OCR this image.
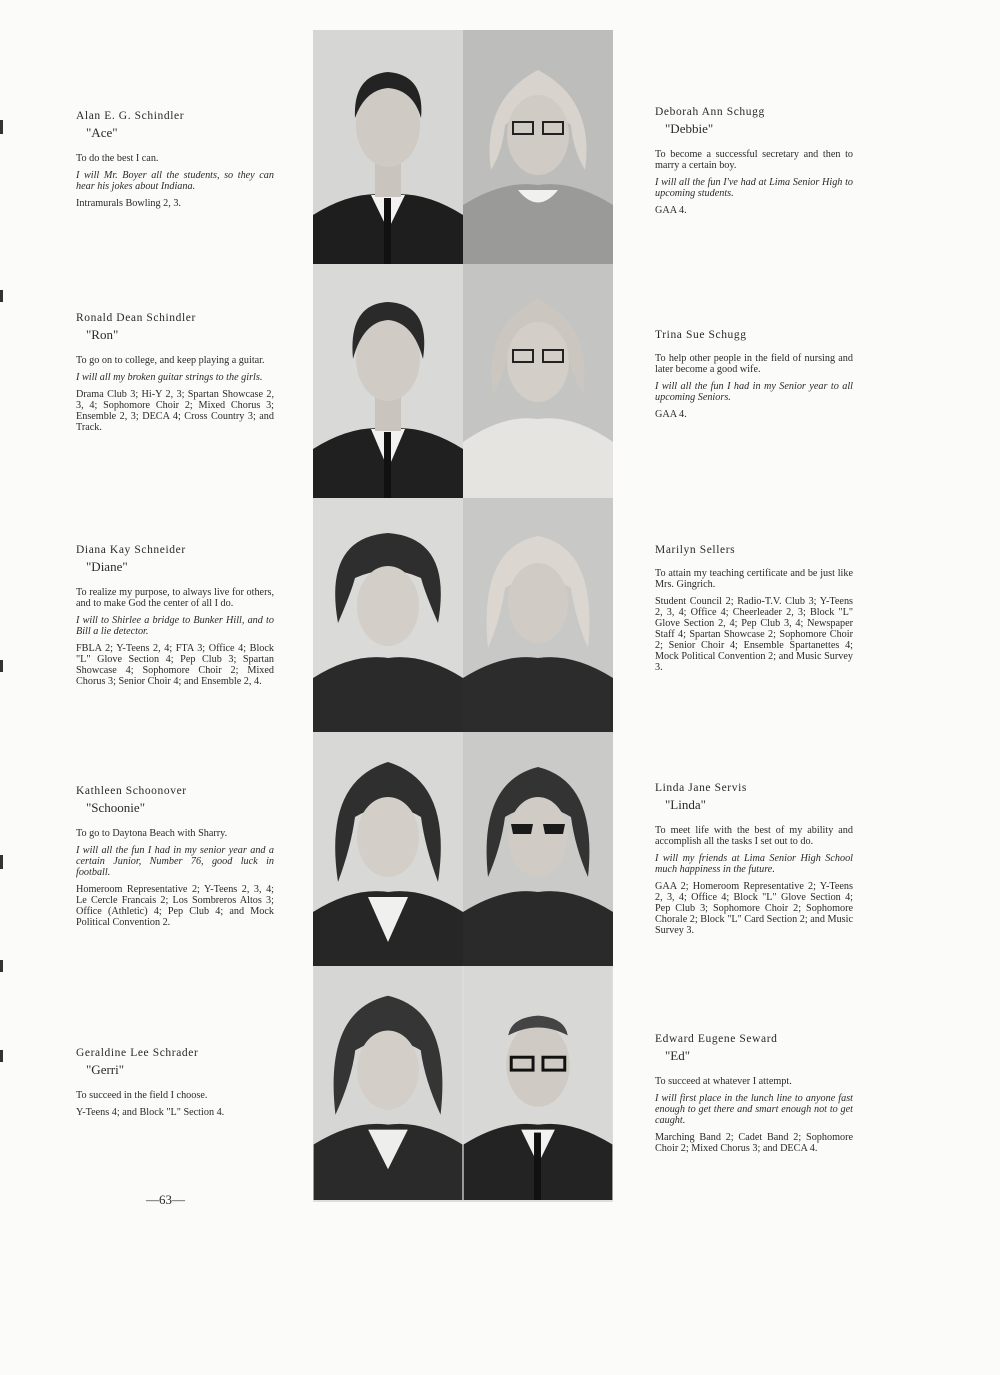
Alan E. G. Schindler
"Ace"

To do the best I can.

I will Mr. Boyer all the students, so they can hear his jokes about Indiana.

Intramurals Bowling 2, 3.

Ronald Dean Schindler
"Ron"

To go on to college, and keep playing a guitar.

I will all my broken guitar strings to the girls.

Drama Club 3; Hi-Y 2, 3; Spartan Showcase 2, 3, 4; Sophomore Choir 2; Mixed Chorus 3; Ensemble 2, 3; DECA 4; Cross Country 3; and Track.

Diana Kay Schneider
"Diane"

To realize my purpose, to always live for others, and to make God the center of all I do.

I will to Shirlee a bridge to Bunker Hill, and to Bill a lie detector.

FBLA 2; Y-Teens 2, 4; FTA 3; Office 4; Block "L" Glove Section 4; Pep Club 3; Spartan Showcase 4; Sophomore Choir 2; Mixed Chorus 3; Senior Choir 4; and Ensemble 2, 4.

Kathleen Schoonover
"Schoonie"

To go to Daytona Beach with Sharry.

I will all the fun I had in my senior year and a certain Junior, Number 76, good luck in football.

Homeroom Representative 2; Y-Teens 2, 3, 4; Le Cercle Francais 2; Los Sombreros Altos 3; Office (Athletic) 4; Pep Club 4; and Mock Political Convention 2.

Geraldine Lee Schrader
"Gerri"

To succeed in the field I choose.

Y-Teens 4; and Block "L" Section 4.

—63—
Deborah Ann Schugg
"Debbie"

To become a successful secretary and then to marry a certain boy.

I will all the fun I've had at Lima Senior High to upcoming students.

GAA 4.

Trina Sue Schugg

To help other people in the field of nursing and later become a good wife.

I will all the fun I had in my Senior year to all upcoming Seniors.

GAA 4.

Marilyn Sellers

To attain my teaching certificate and be just like Mrs. Gingrich.

Student Council 2; Radio-T.V. Club 3; Y-Teens 2, 3, 4; Office 4; Cheerleader 2, 3; Block "L" Glove Section 2, 4; Pep Club 3, 4; Newspaper Staff 4; Spartan Showcase 2; Sophomore Choir 2; Senior Choir 4; Ensemble Spartanettes 4; Mock Political Convention 2; and Music Survey 3.

Linda Jane Servis
"Linda"

To meet life with the best of my ability and accomplish all the tasks I set out to do.

I will my friends at Lima Senior High School much happiness in the future.

GAA 2; Homeroom Representative 2; Y-Teens 2, 3, 4; Office 4; Block "L" Glove Section 4; Pep Club 3; Sophomore Choir 2; Sophomore Chorale 2; Block "L" Card Section 2; and Music Survey 3.

Edward Eugene Seward
"Ed"

To succeed at whatever I attempt.

I will first place in the lunch line to anyone fast enough to get there and smart enough not to get caught.

Marching Band 2; Cadet Band 2; Sophomore Choir 2; Mixed Chorus 3; and DECA 4.
